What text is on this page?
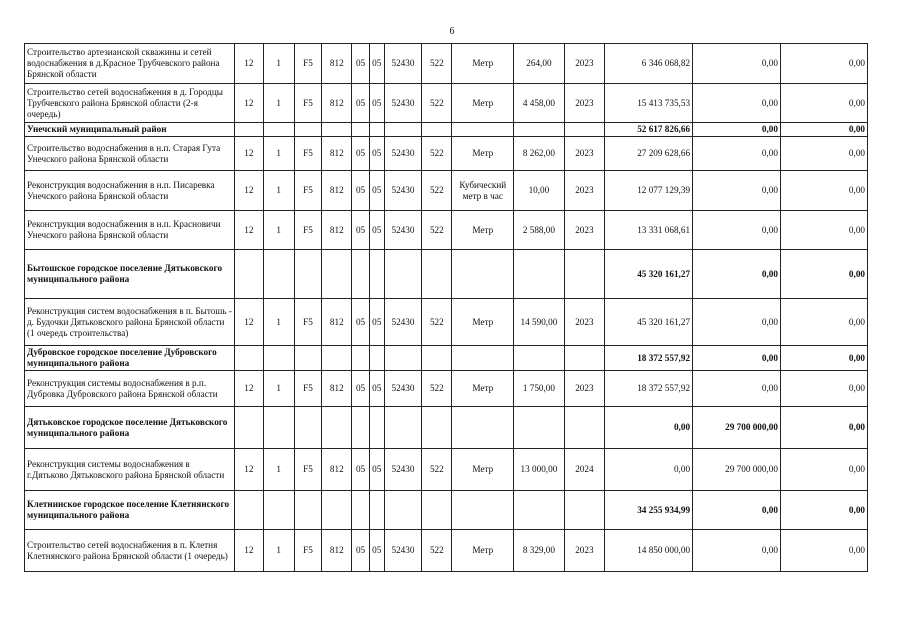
6
Строительство артезианской скважины и сетей водоснабжения в д.Красное Трубчевского района Брянской области	12	1	F5	812	05	05	52430	522	Метр	264,00	2023	6 346 068,82	0,00	0,00
Строительство сетей водоснабжения в д. Городцы Трубчевского района Брянской области (2-я очередь)	12	1	F5	812	05	05	52430	522	Метр	4 458,00	2023	15 413 735,53	0,00	0,00
Унечский муниципальный район												52 617 826,66	0,00	0,00
Строительство водоснабжения в н.п. Старая Гута Унечского района Брянской области	12	1	F5	812	05	05	52430	522	Метр	8 262,00	2023	27 209 628,66	0,00	0,00
Реконструкция водоснабжения в н.п. Писаревка Унечского района Брянской области	12	1	F5	812	05	05	52430	522	Кубический метр в час	10,00	2023	12 077 129,39	0,00	0,00
Реконструкция водоснабжения в н.п. Красновичи Унечского района Брянской области	12	1	F5	812	05	05	52430	522	Метр	2 588,00	2023	13 331 068,61	0,00	0,00
Бытошское городское поселение Дятьковского муниципального района												45 320 161,27	0,00	0,00
Реконструкция систем водоснабжения в п. Бытошь - д. Будочки Дятьковского района Брянской области (1 очередь строительства)	12	1	F5	812	05	05	52430	522	Метр	14 590,00	2023	45 320 161,27	0,00	0,00
Дубровское городское поселение Дубровского муниципального района												18 372 557,92	0,00	0,00
Реконструкция системы водоснабжения в р.п. Дубровка Дубровского района Брянской области	12	1	F5	812	05	05	52430	522	Метр	1 750,00	2023	18 372 557,92	0,00	0,00
Дятьковское городское поселение Дятьковского муниципального района												0,00	29 700 000,00	0,00
Реконструкция системы водоснабжения в г.Дятьково Дятьковского района Брянской области	12	1	F5	812	05	05	52430	522	Метр	13 000,00	2024	0,00	29 700 000,00	0,00
Клетнинское городское поселение Клетнянского муниципального района												34 255 934,99	0,00	0,00
Строительство сетей водоснабжения в п. Клетня Клетнянского района Брянской области (1 очередь)	12	1	F5	812	05	05	52430	522	Метр	8 329,00	2023	14 850 000,00	0,00	0,00
